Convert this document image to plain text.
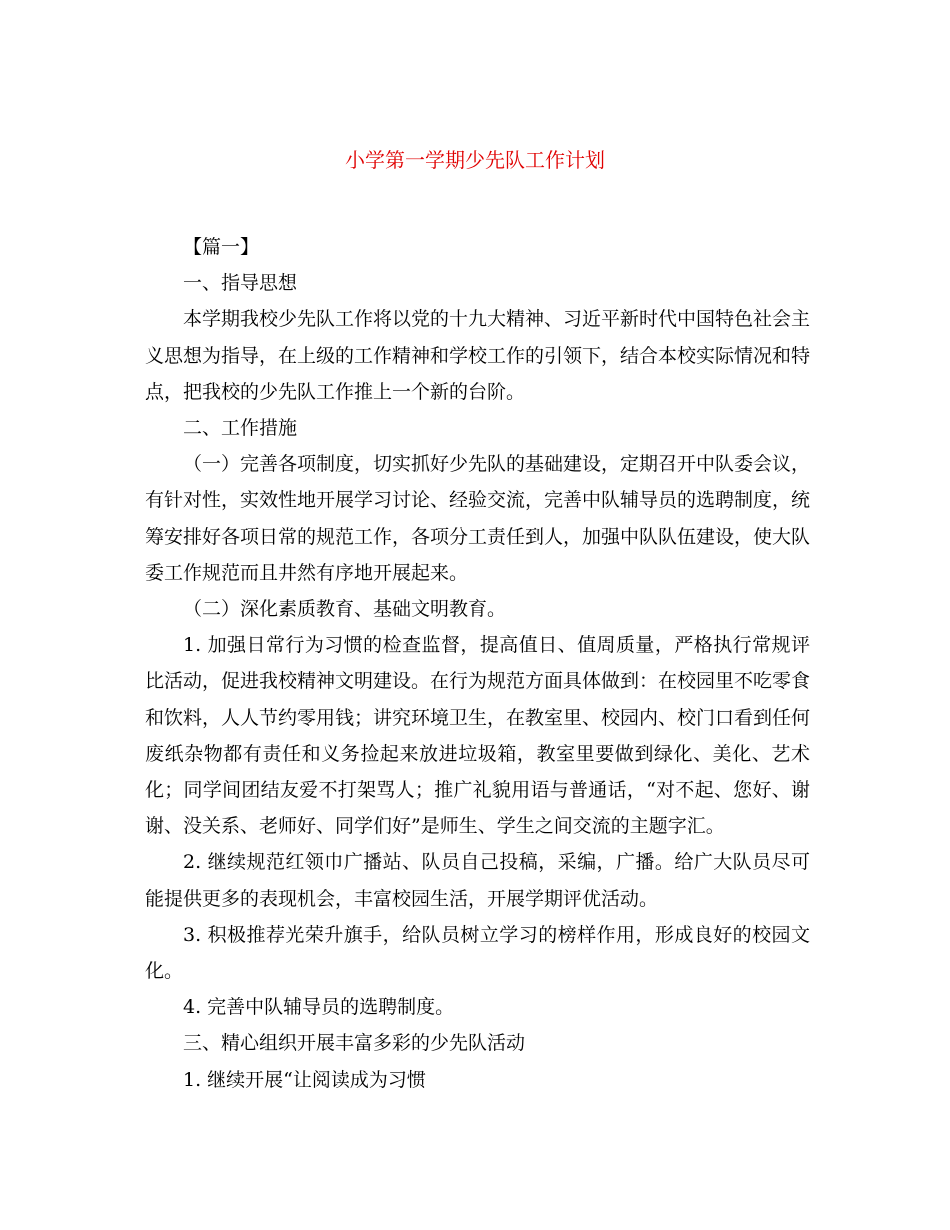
小学第一学期少先队工作计划

【篇一】

一、指导思想

本学期我校少先队工作将以党的十九大精神、习近平新时代中国特色社会主义思想为指导，在上级的工作精神和学校工作的引领下，结合本校实际情况和特点，把我校的少先队工作推上一个新的台阶。

二、工作措施

（一）完善各项制度，切实抓好少先队的基础建设，定期召开中队委会议，有针对性，实效性地开展学习讨论、经验交流，完善中队辅导员的选聘制度，统筹安排好各项日常的规范工作，各项分工责任到人，加强中队队伍建设，使大队委工作规范而且井然有序地开展起来。

（二）深化素质教育、基础文明教育。

1. 加强日常行为习惯的检查监督，提高值日、值周质量，严格执行常规评比活动，促进我校精神文明建设。在行为规范方面具体做到：在校园里不吃零食和饮料，人人节约零用钱；讲究环境卫生，在教室里、校园内、校门口看到任何废纸杂物都有责任和义务捡起来放进垃圾箱，教室里要做到绿化、美化、艺术化；同学间团结友爱不打架骂人；推广礼貌用语与普通话，“对不起、您好、谢谢、没关系、老师好、同学们好”是师生、学生之间交流的主题字汇。

2. 继续规范红领巾广播站、队员自己投稿，采编，广播。给广大队员尽可能提供更多的表现机会，丰富校园生活，开展学期评优活动。

3. 积极推荐光荣升旗手，给队员树立学习的榜样作用，形成良好的校园文化。

4. 完善中队辅导员的选聘制度。

三、精心组织开展丰富多彩的少先队活动

1. 继续开展“让阅读成为习惯
